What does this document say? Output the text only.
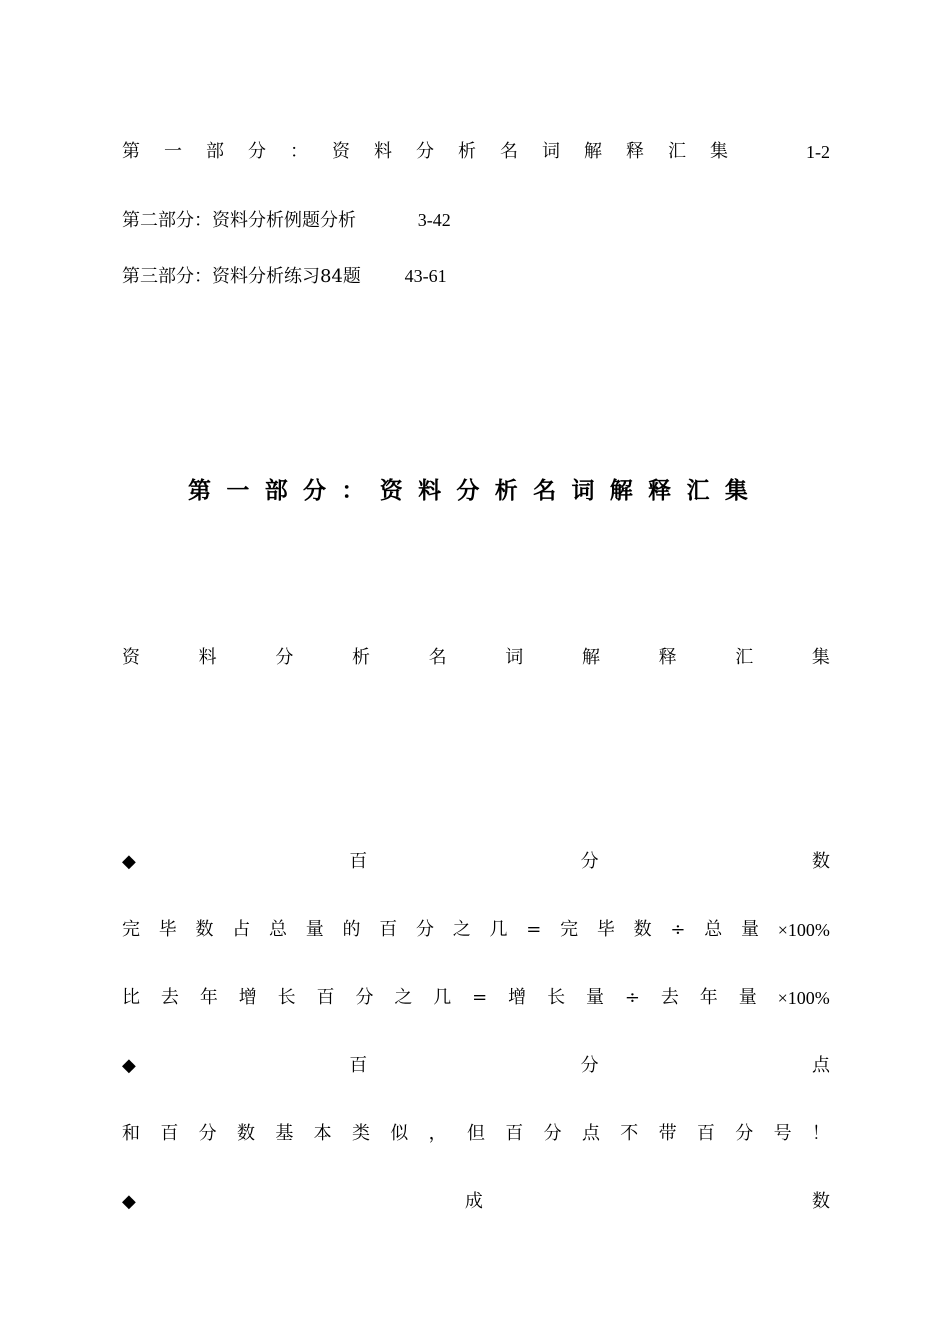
第 一 部 分 ： 资 料 分 析 名 词 解 释 汇 集	1-2
第二部分：资料分析例题分析	3-42
第三部分：资料分析练习84题 43-61
第 一 部 分 ： 资 料 分 析 名 词 解 释 汇 集
资	料	分	析	名	词	解	释	汇	集
◆	百	分	数
完 毕 数 占 总 量 的 百 分 之 几 = 完 毕 数 ÷ 总 量 ×100%
比 去 年 增 长 百 分 之 几 = 增 长 量 ÷ 去 年 量 ×100%
◆	百	分	点
和 百 分 数 基 本 类 似 ， 但 百 分 点 不 带 百 分 号 ！
◆	成	数
